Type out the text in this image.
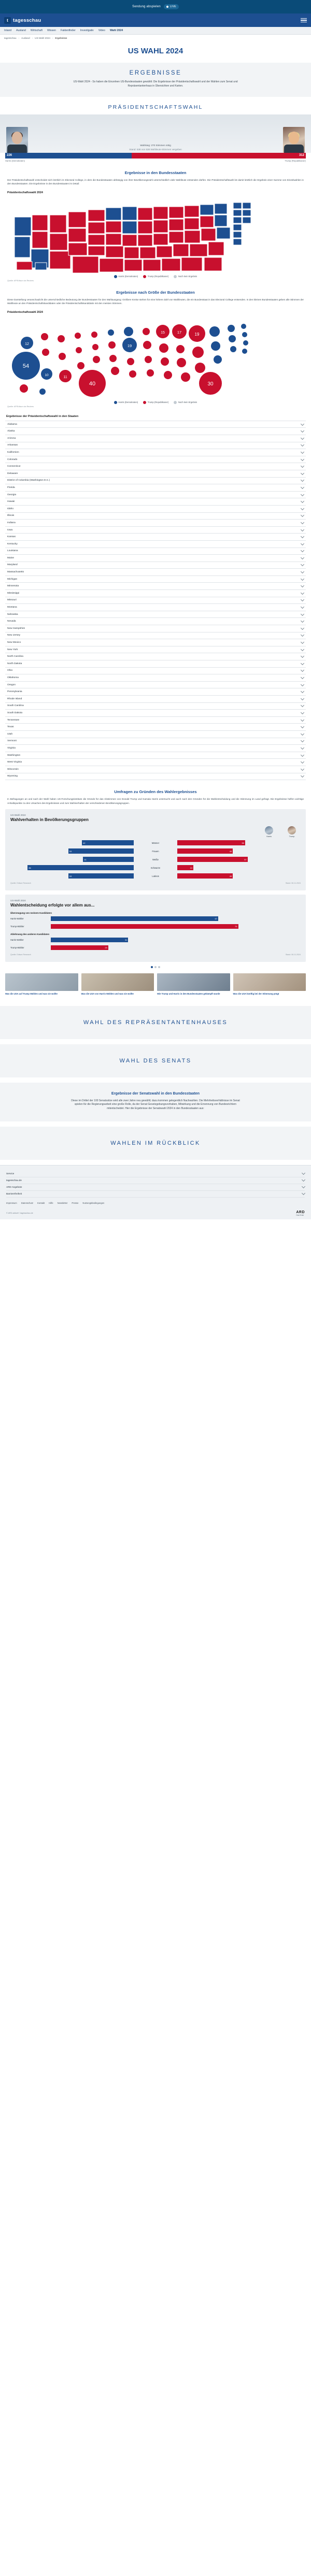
Sendung abspielen	LIVE
t tagesschau
Inland Ausland Wirtschaft Wissen Faktenfinder Investigativ Video Wahl 2024
tagesschau › Ausland › US-Wahl 2024 › Ergebnisse
US WAHL 2024
ERGEBNISSE
US-Wahl 2024 - So haben die Einzelnen US-Bundesstaaten gewählt: Die Ergebnisse der Präsidentschaftswahl und der Wahlen zum Senat und Repräsentantenhaus in Übersichten und Karten.
PRÄSIDENTSCHAFTSWAHL
Wahlsieg: 270 Stimmen nötig
Stand: 538 von 538 Wahlleute-Stimmen vergeben
226	312
Harris (Demokraten)	Trump (Republikaner)
Ergebnisse in den Bundesstaaten
Der Präsidentschaftswahl entscheidet sich letztlich im Electoral College, in dem die Bundesstaaten abhängig von ihrer Bevölkerungszahl unterschiedlich viele Wahlleute entsenden dürfen. Die Präsidentschaftswahl ist damit letztlich die Ergebnis einer Summe von Einzelwahlen in den Bundesstaaten. Die Ergebnisse in den Bundesstaaten im Detail:
Präsidentschaftswahl 2024
Harris (Demokraten)	Trump (Republikaner)	Noch kein Ergebnis
Quelle: AP/Edison via Reuters
Ergebnisse nach Größe der Bundesstaaten
Diese Darstellung veranschaulicht die unterschiedliche Bedeutung der Bundesstaaten für den Wahlausgang: Größere Kreise stehen für eine höhere Zahl von Wahlleuten, die ein Bundesstaat in das Electoral College entsenden. In den kleinen Bundesstaaten geben alle Stimmen der Wahlleute an den Präsidentschaftskandidaten oder die Präsidentschaftskandidatin mit den meisten Stimmen.
Präsidentschaftswahl 2024
54
12
10
11
40
19
15	17	19
30
Harris (Demokraten)	Trump (Republikaner)	Noch kein Ergebnis
Quelle: AP/Edison via Reuters
Ergebnisse der Präsidentschaftswahl in den Staaten
Alabama
Alaska
Arizona
Arkansas
Kalifornien
Colorado
Connecticut
Delaware
District of Columbia (Washington D.C.)
Florida
Georgia
Hawaii
Idaho
Illinois
Indiana
Iowa
Kansas
Kentucky
Louisiana
Maine
Maryland
Massachusetts
Michigan
Minnesota
Mississippi
Missouri
Montana
Nebraska
Nevada
New Hampshire
New Jersey
New Mexico
New York
North Carolina
North Dakota
Ohio
Oklahoma
Oregon
Pennsylvania
Rhode Island
South Carolina
South Dakota
Tennessee
Texas
Utah
Vermont
Virginia
Washington
West Virginia
Wisconsin
Wyoming
Umfragen zu Gründen des Wahlergebnisses
In Befragungen an und nach der Wahl haben US-Forschungsinstitute die Gründe für das Abstimmen von Donald Trump und Kamala Harris untersucht und auch nach den Gründen für die Wahlentscheidung und die Stimmung im Land gefragt. Die Ergebnisse helfen wichtige Anhaltspunkte zu den Ursachen des Ergebnisses und zum Wahlverhalten der verschiedenen Bevölkerungsgruppen.
US-Wahl 2024
Wahlverhalten in Bevölkerungsgruppen
Harris	Trump
42	Männer	55
53	Frauen	45
41	Weiße	57
86	Schwarze	13
53	Latinos	45
Quelle: Edison Research	Stand: 06.11.2024
US-Wahl 2024
Wahlentscheidung erfolgte vor allem aus...
Überzeugung von meinem Kandidaten
Harris-Wähler	67
Trump-Wähler	75
Ablehnung des anderen Kandidaten
Harris-Wähler	31
Trump-Wähler	23
Quelle: Edison Research	Stand: 06.11.2024
Was die USA auf Trump Wählen und was sie wollte	Was die USA von Harris Wählen und was sie wollte	Wie Trump und Harris in den Bundesstaaten gekämpft wurde	Was die USA künftig bei der Stimmung prägt
WAHL DES REPRÄSENTANTENHAUSES
WAHL DES SENATS
Ergebnisse der Senatswahl in den Bundesstaaten
Diese im Drittel der 100 Senatssitze wird alle zwei Jahre neu gewählt; dazu kommen gelegentlich Nachwahlen. Die Mehrheitsverhältnisse im Senat spielen für die Regierungsarbeit eine große Rolle, da der Senat Gesetzgebungsvorhaben, Mitwirkung und die Ernennung von Bundesrichtern mitentscheidet. Hier die Ergebnisse der Senatswahl 2024 in den Bundesstaaten aus:
WAHLEN IM RÜCKBLICK
Service
tagesschau.de
ARD Angebote
Barrierefreiheit
Impressum Datenschutz Kontakt Hilfe Newsletter Presse Nutzungsbedingungen
© ARD-aktuell / tagesschau.de	ARD
Das Erste
